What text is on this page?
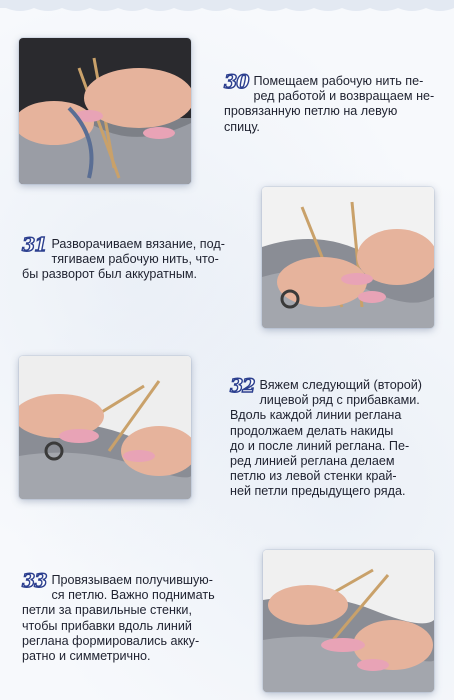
30 Помещаем рабочую нить пе-
ред работой и возвращаем не-
провязанную петлю на левую
спицу.
31 Разворачиваем вязание, под-
тягиваем рабочую нить, что-
бы разворот был аккуратным.
32 Вяжем следующий (второй)
лицевой ряд с прибавками.
Вдоль каждой линии реглана
продолжаем делать накиды
до и после линий реглана. Пе-
ред линией реглана делаем
петлю из левой стенки край-
ней петли предыдущего ряда.
33 Провязываем получившую-
ся петлю. Важно поднимать
петли за правильные стенки,
чтобы прибавки вдоль линий
реглана формировались акку-
ратно и симметрично.
